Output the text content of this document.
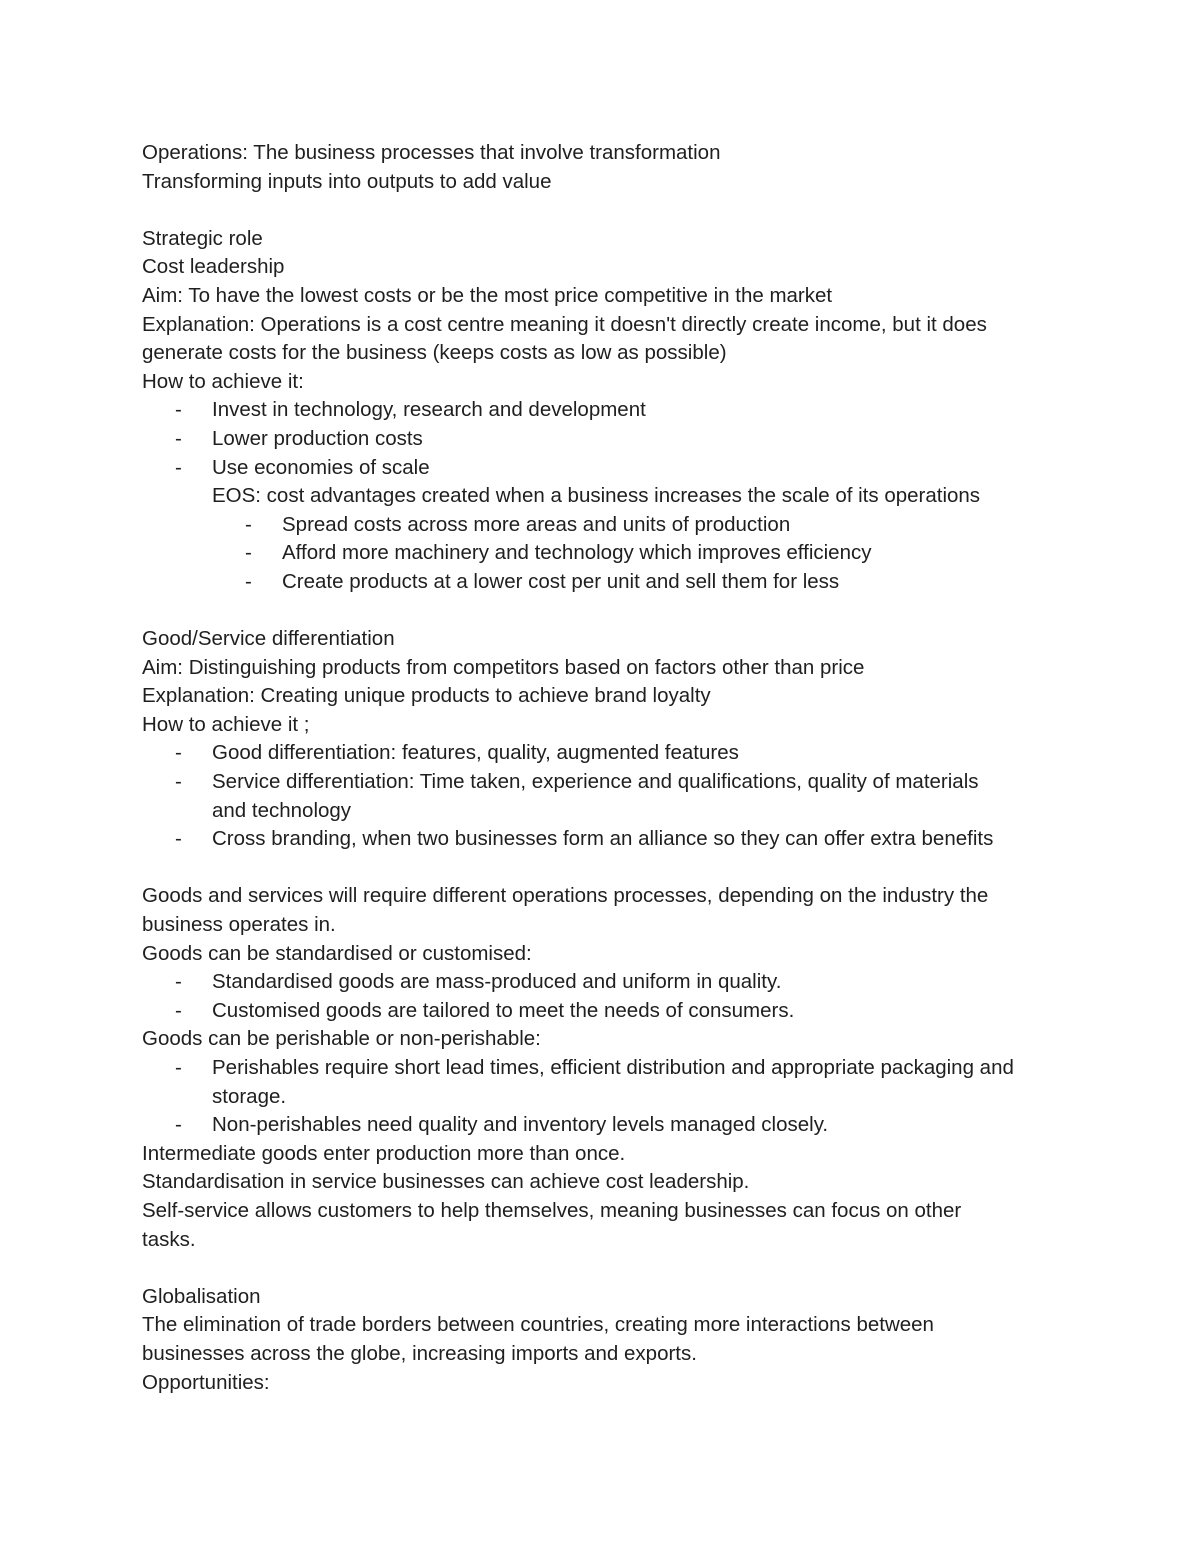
Operations: The business processes that involve transformation
Transforming inputs into outputs to add value
Strategic role
Cost leadership
Aim: To have the lowest costs or be the most price competitive in the market
Explanation: Operations is a cost centre meaning it doesn't directly create income, but it does
generate costs for the business (keeps costs as low as possible)
How to achieve it:
- Invest in technology, research and development
- Lower production costs
- Use economies of scale
EOS: cost advantages created when a business increases the scale of its operations
- Spread costs across more areas and units of production
- Afford more machinery and technology which improves efficiency
- Create products at a lower cost per unit and sell them for less
Good/Service differentiation
Aim: Distinguishing products from competitors based on factors other than price
Explanation: Creating unique products to achieve brand loyalty
How to achieve it ;
- Good differentiation: features, quality, augmented features
- Service differentiation: Time taken, experience and qualifications, quality of materials
and technology
- Cross branding, when two businesses form an alliance so they can offer extra benefits
Goods and services will require different operations processes, depending on the industry the
business operates in.
Goods can be standardised or customised:
- Standardised goods are mass-produced and uniform in quality.
- Customised goods are tailored to meet the needs of consumers.
Goods can be perishable or non-perishable:
- Perishables require short lead times, efficient distribution and appropriate packaging and
storage.
- Non-perishables need quality and inventory levels managed closely.
Intermediate goods enter production more than once.
Standardisation in service businesses can achieve cost leadership.
Self-service allows customers to help themselves, meaning businesses can focus on other
tasks.
Globalisation
The elimination of trade borders between countries, creating more interactions between
businesses across the globe, increasing imports and exports.
Opportunities:
